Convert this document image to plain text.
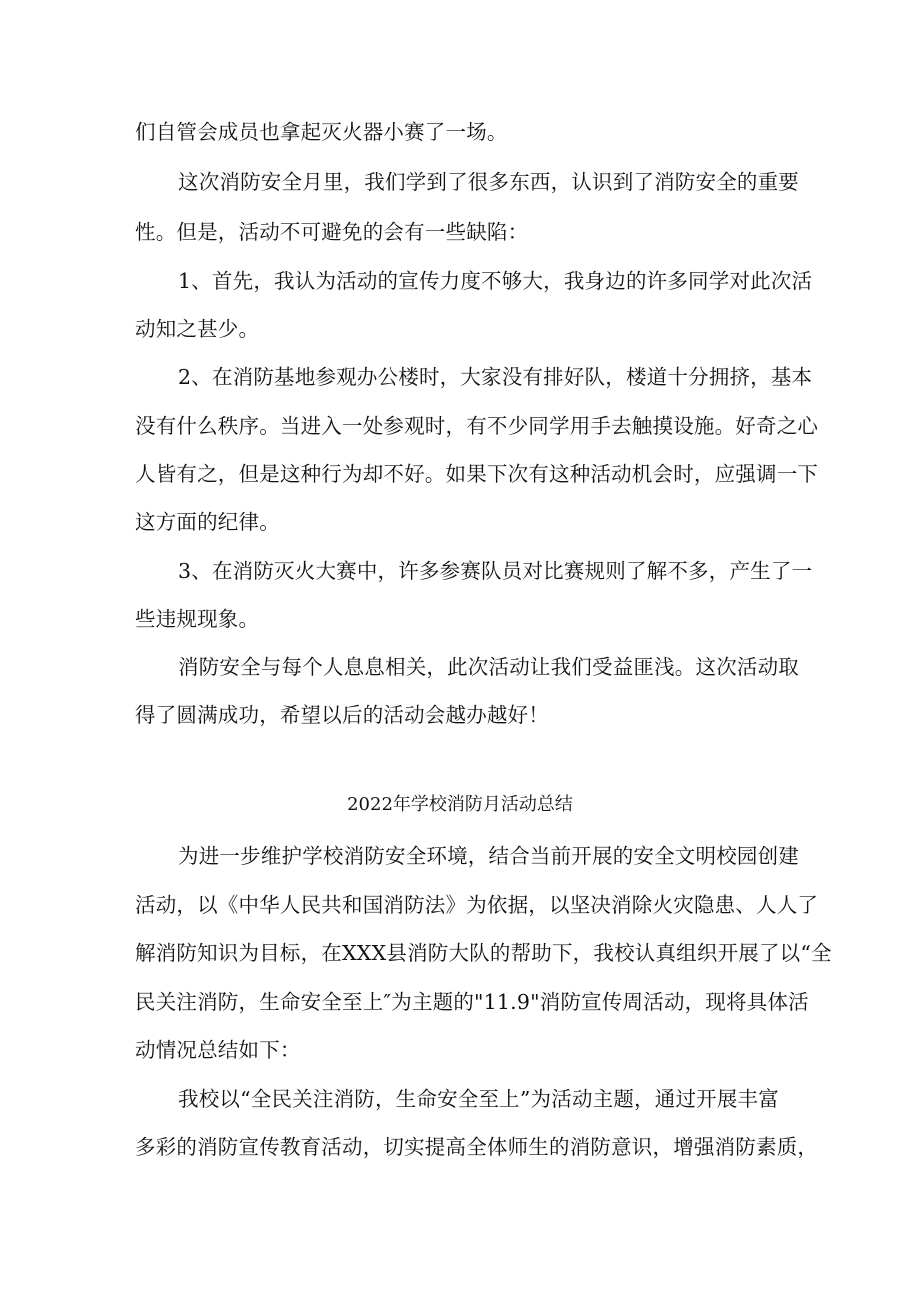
们自管会成员也拿起灭火器小赛了一场。
这次消防安全月里，我们学到了很多东西，认识到了消防安全的重要
性。但是，活动不可避免的会有一些缺陷：
1、首先，我认为活动的宣传力度不够大，我身边的许多同学对此次活
动知之甚少。
2、在消防基地参观办公楼时，大家没有排好队，楼道十分拥挤，基本
没有什么秩序。当进入一处参观时，有不少同学用手去触摸设施。好奇之心
人皆有之，但是这种行为却不好。如果下次有这种活动机会时，应强调一下
这方面的纪律。
3、在消防灭火大赛中，许多参赛队员对比赛规则了解不多，产生了一
些违规现象。
消防安全与每个人息息相关，此次活动让我们受益匪浅。这次活动取
得了圆满成功，希望以后的活动会越办越好！
2022年学校消防月活动总结
为进一步维护学校消防安全环境，结合当前开展的安全文明校园创建
活动，以《中华人民共和国消防法》为依据，以坚决消除火灾隐患、人人了
解消防知识为目标，在XXX县消防大队的帮助下，我校认真组织开展了以“全
民关注消防，生命安全至上″为主题的"11.9"消防宣传周活动，现将具体活
动情况总结如下：
我校以“全民关注消防，生命安全至上”为活动主题，通过开展丰富
多彩的消防宣传教育活动，切实提高全体师生的消防意识，增强消防素质，
